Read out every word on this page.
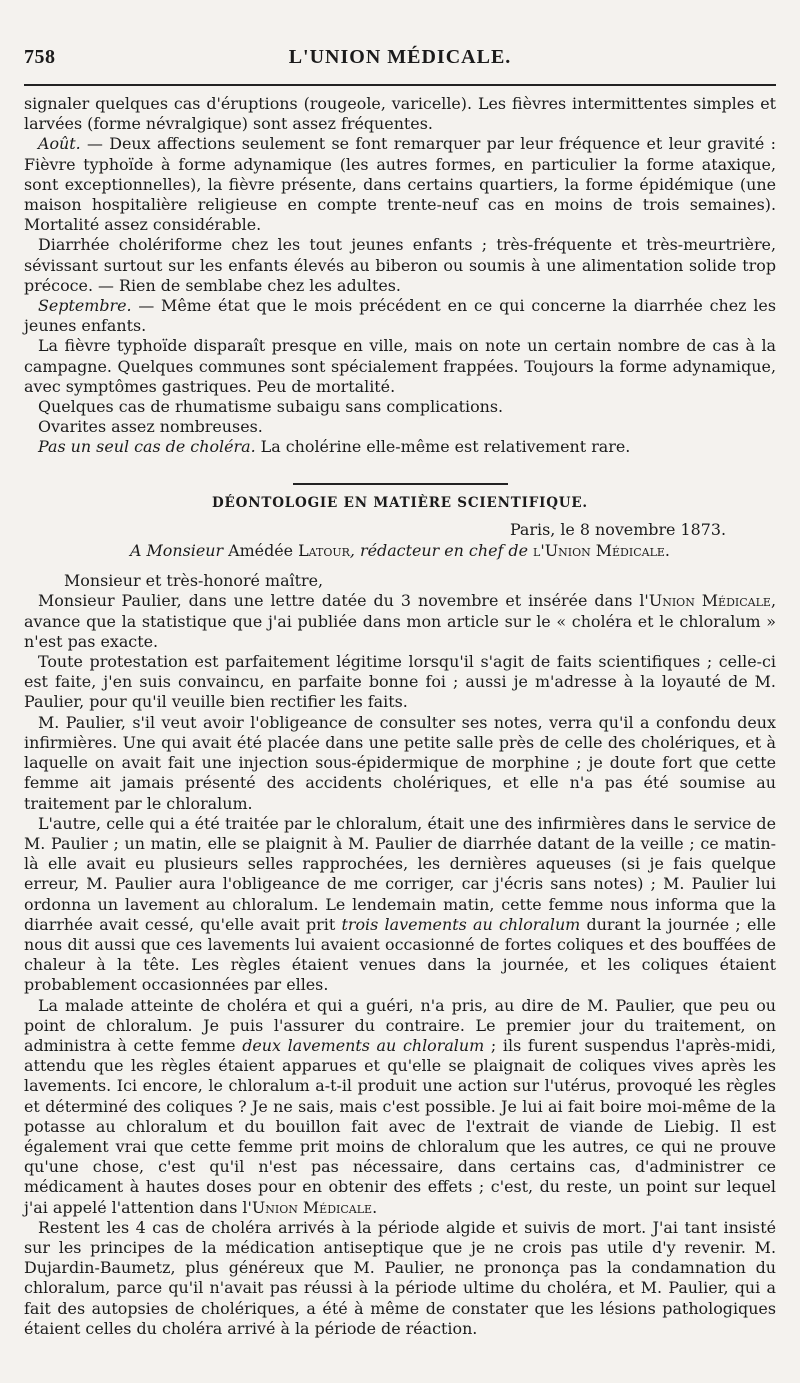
758	L'UNION MÉDICALE.

signaler quelques cas d'éruptions (rougeole, varicelle). Les fièvres intermittentes simples et larvées (forme névralgique) sont assez fréquentes.

Août. — Deux affections seulement se font remarquer par leur fréquence et leur gravité : Fièvre typhoïde à forme adynamique (les autres formes, en particulier la forme ataxique, sont exceptionnelles), la fièvre présente, dans certains quartiers, la forme épidémique (une maison hospitalière religieuse en compte trente-neuf cas en moins de trois semaines). Mortalité assez considérable.

Diarrhée cholériforme chez les tout jeunes enfants ; très-fréquente et très-meurtrière, sévissant surtout sur les enfants élevés au biberon ou soumis à une alimentation solide trop précoce. — Rien de semblabe chez les adultes.

Septembre. — Même état que le mois précédent en ce qui concerne la diarrhée chez les jeunes enfants.

La fièvre typhoïde disparaît presque en ville, mais on note un certain nombre de cas à la campagne. Quelques communes sont spécialement frappées. Toujours la forme adynamique, avec symptômes gastriques. Peu de mortalité.

Quelques cas de rhumatisme subaigu sans complications.

Ovarites assez nombreuses.

Pas un seul cas de choléra. La cholérine elle-même est relativement rare.

DÉONTOLOGIE EN MATIÈRE SCIENTIFIQUE.
Paris, le 8 novembre 1873.
A Monsieur Amédée Latour, rédacteur en chef de l'Union Médicale.

Monsieur et très-honoré maître,

Monsieur Paulier, dans une lettre datée du 3 novembre et insérée dans l'Union Médicale, avance que la statistique que j'ai publiée dans mon article sur le « choléra et le chloralum » n'est pas exacte.

Toute protestation est parfaitement légitime lorsqu'il s'agit de faits scientifiques ; celle-ci est faite, j'en suis convaincu, en parfaite bonne foi ; aussi je m'adresse à la loyauté de M. Paulier, pour qu'il veuille bien rectifier les faits.

M. Paulier, s'il veut avoir l'obligeance de consulter ses notes, verra qu'il a confondu deux infirmières. Une qui avait été placée dans une petite salle près de celle des cholériques, et à laquelle on avait fait une injection sous-épidermique de morphine ; je doute fort que cette femme ait jamais présenté des accidents cholériques, et elle n'a pas été soumise au traitement par le chloralum.

L'autre, celle qui a été traitée par le chloralum, était une des infirmières dans le service de M. Paulier ; un matin, elle se plaignit à M. Paulier de diarrhée datant de la veille ; ce matin-là elle avait eu plusieurs selles rapprochées, les dernières aqueuses (si je fais quelque erreur, M. Paulier aura l'obligeance de me corriger, car j'écris sans notes) ; M. Paulier lui ordonna un lavement au chloralum. Le lendemain matin, cette femme nous informa que la diarrhée avait cessé, qu'elle avait prit trois lavements au chloralum durant la journée ; elle nous dit aussi que ces lavements lui avaient occasionné de fortes coliques et des bouffées de chaleur à la tête. Les règles étaient venues dans la journée, et les coliques étaient probablement occasionnées par elles.

La malade atteinte de choléra et qui a guéri, n'a pris, au dire de M. Paulier, que peu ou point de chloralum. Je puis l'assurer du contraire. Le premier jour du traitement, on administra à cette femme deux lavements au chloralum ; ils furent suspendus l'après-midi, attendu que les règles étaient apparues et qu'elle se plaignait de coliques vives après les lavements. Ici encore, le chloralum a-t-il produit une action sur l'utérus, provoqué les règles et déterminé des coliques ? Je ne sais, mais c'est possible. Je lui ai fait boire moi-même de la potasse au chloralum et du bouillon fait avec de l'extrait de viande de Liebig. Il est également vrai que cette femme prit moins de chloralum que les autres, ce qui ne prouve qu'une chose, c'est qu'il n'est pas nécessaire, dans certains cas, d'administrer ce médicament à hautes doses pour en obtenir des effets ; c'est, du reste, un point sur lequel j'ai appelé l'attention dans l'Union Médicale.

Restent les 4 cas de choléra arrivés à la période algide et suivis de mort. J'ai tant insisté sur les principes de la médication antiseptique que je ne crois pas utile d'y revenir. M. Dujardin-Baumetz, plus généreux que M. Paulier, ne prononça pas la condamnation du chloralum, parce qu'il n'avait pas réussi à la période ultime du choléra, et M. Paulier, qui a fait des autopsies de cholériques, a été à même de constater que les lésions pathologiques étaient celles du choléra arrivé à la période de réaction.
